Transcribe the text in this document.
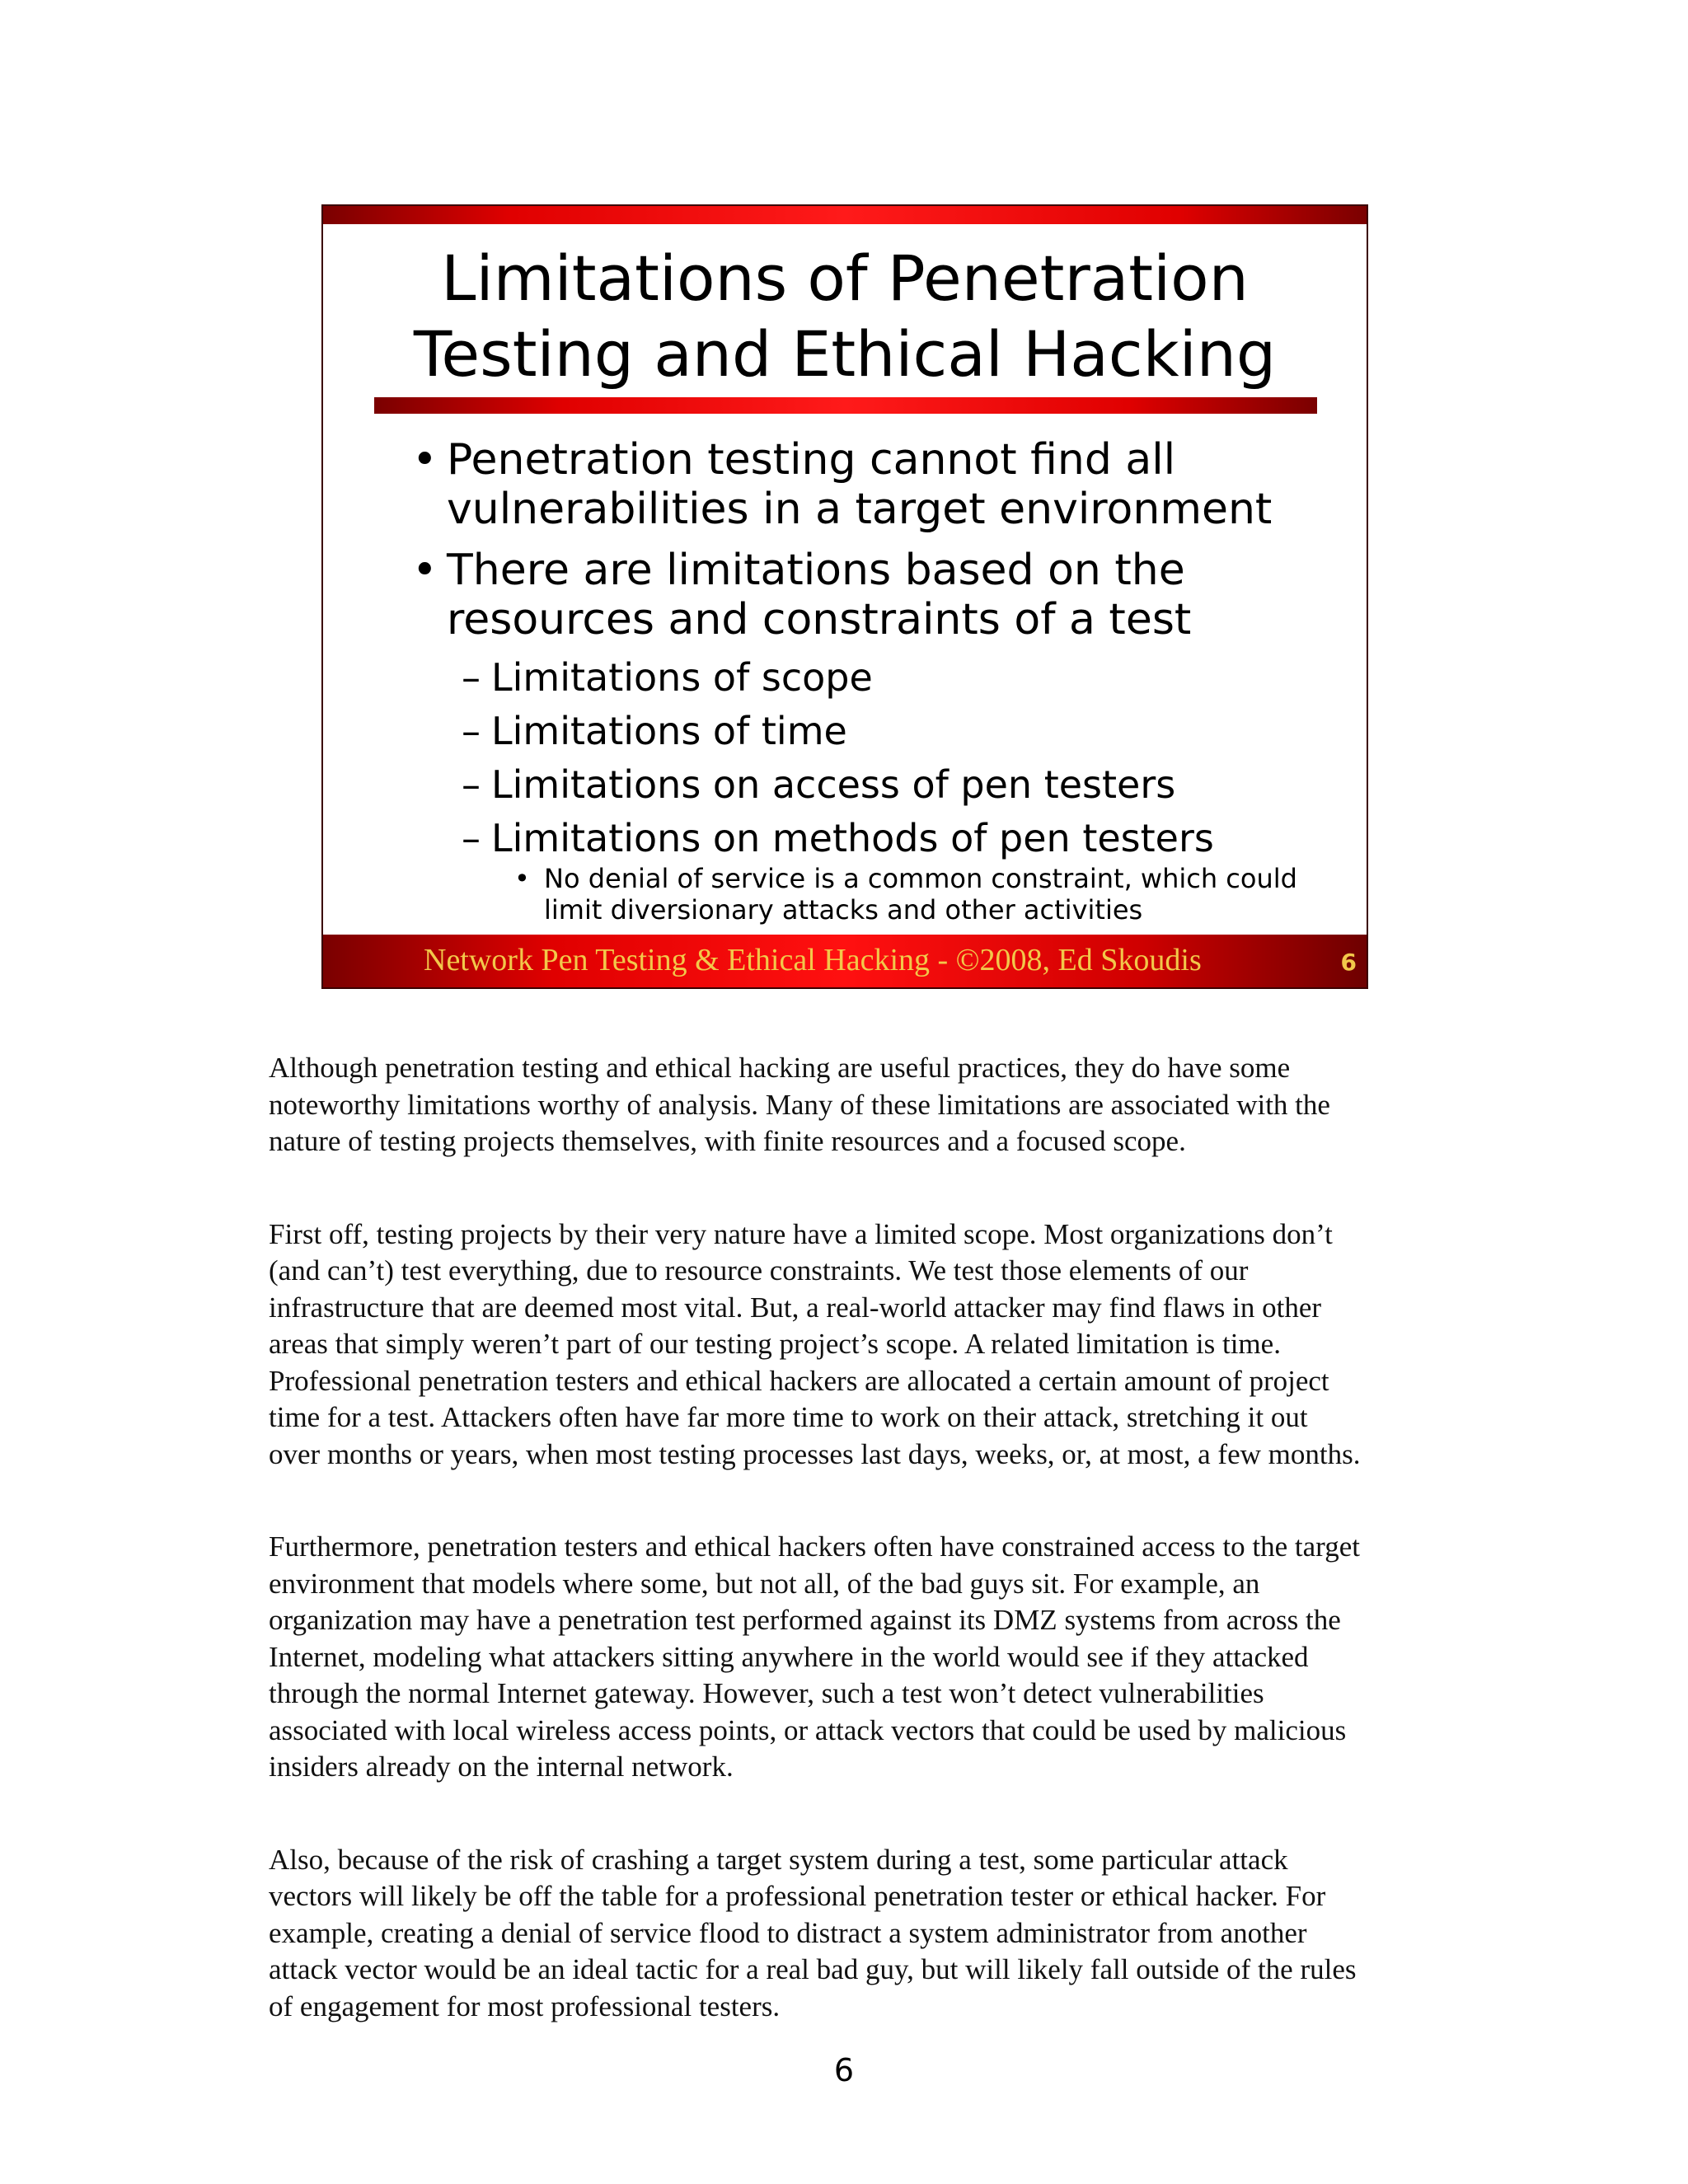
Limitations of Penetration
Testing and Ethical Hacking
• Penetration testing cannot find all
vulnerabilities in a target environment
• There are limitations based on the
resources and constraints of a test
– Limitations of scope
– Limitations of time
– Limitations on access of pen testers
– Limitations on methods of pen testers
• No denial of service is a common constraint, which could
limit diversionary attacks and other activities
Network Pen Testing & Ethical Hacking - ©2008, Ed Skoudis	6

Although penetration testing and ethical hacking are useful practices, they do have some
noteworthy limitations worthy of analysis. Many of these limitations are associated with the
nature of testing projects themselves, with finite resources and a focused scope.

First off, testing projects by their very nature have a limited scope. Most organizations don’t
(and can’t) test everything, due to resource constraints. We test those elements of our
infrastructure that are deemed most vital. But, a real-world attacker may find flaws in other
areas that simply weren’t part of our testing project’s scope. A related limitation is time.
Professional penetration testers and ethical hackers are allocated a certain amount of project
time for a test. Attackers often have far more time to work on their attack, stretching it out
over months or years, when most testing processes last days, weeks, or, at most, a few months.

Furthermore, penetration testers and ethical hackers often have constrained access to the target
environment that models where some, but not all, of the bad guys sit. For example, an
organization may have a penetration test performed against its DMZ systems from across the
Internet, modeling what attackers sitting anywhere in the world would see if they attacked
through the normal Internet gateway. However, such a test won’t detect vulnerabilities
associated with local wireless access points, or attack vectors that could be used by malicious
insiders already on the internal network.

Also, because of the risk of crashing a target system during a test, some particular attack
vectors will likely be off the table for a professional penetration tester or ethical hacker. For
example, creating a denial of service flood to distract a system administrator from another
attack vector would be an ideal tactic for a real bad guy, but will likely fall outside of the rules
of engagement for most professional testers.

6
